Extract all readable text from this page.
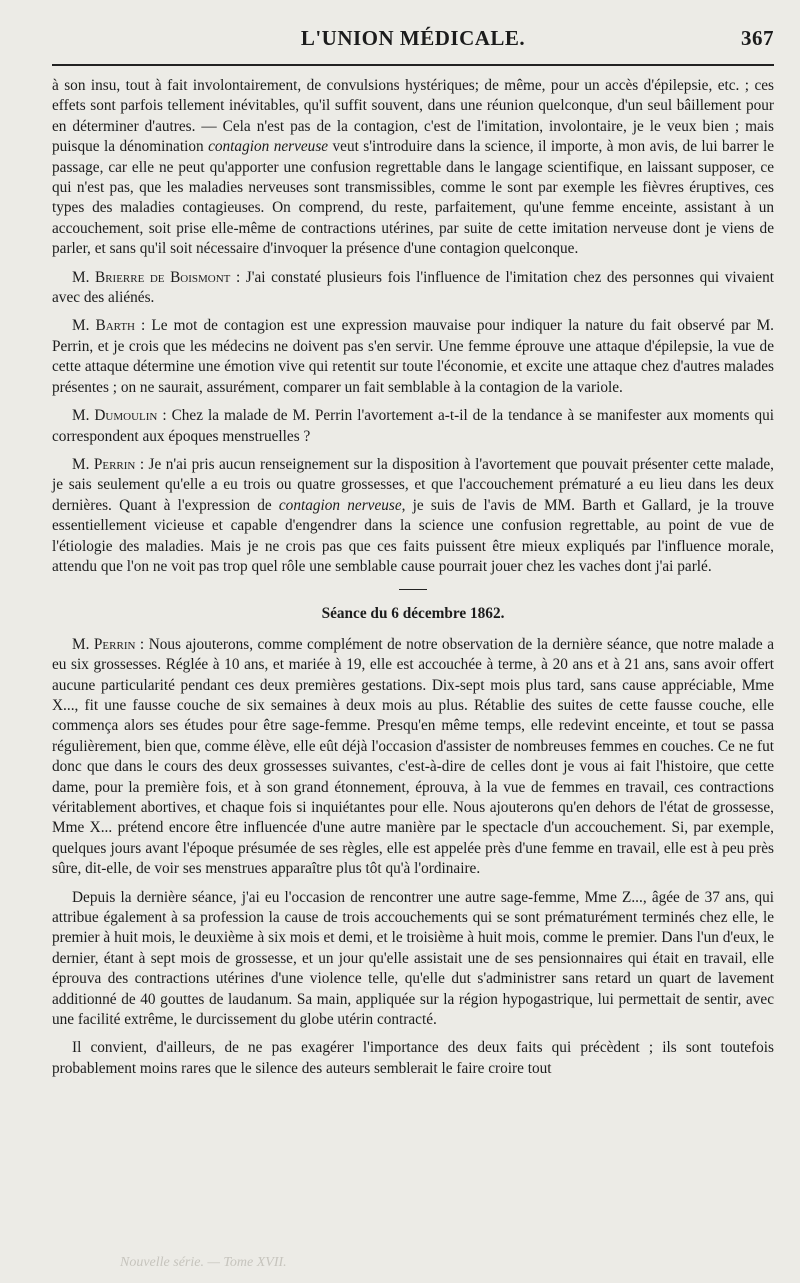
L'UNION MÉDICALE.	367

à son insu, tout à fait involontairement, de convulsions hystériques; de même, pour un accès d'épilepsie, etc. ; ces effets sont parfois tellement inévitables, qu'il suffit souvent, dans une réunion quelconque, d'un seul bâillement pour en déterminer d'autres. — Cela n'est pas de la contagion, c'est de l'imitation, involontaire, je le veux bien ; mais puisque la dénomination contagion nerveuse veut s'introduire dans la science, il importe, à mon avis, de lui barrer le passage, car elle ne peut qu'apporter une confusion regrettable dans le langage scientifique, en laissant supposer, ce qui n'est pas, que les maladies nerveuses sont transmissibles, comme le sont par exemple les fièvres éruptives, ces types des maladies contagieuses. On comprend, du reste, parfaitement, qu'une femme enceinte, assistant à un accouchement, soit prise elle-même de contractions utérines, par suite de cette imitation nerveuse dont je viens de parler, et sans qu'il soit nécessaire d'invoquer la présence d'une contagion quelconque.

M. Brierre de Boismont : J'ai constaté plusieurs fois l'influence de l'imitation chez des personnes qui vivaient avec des aliénés.

M. Barth : Le mot de contagion est une expression mauvaise pour indiquer la nature du fait observé par M. Perrin, et je crois que les médecins ne doivent pas s'en servir. Une femme éprouve une attaque d'épilepsie, la vue de cette attaque détermine une émotion vive qui retentit sur toute l'économie, et excite une attaque chez d'autres malades présentes ; on ne saurait, assurément, comparer un fait semblable à la contagion de la variole.

M. Dumoulin : Chez la malade de M. Perrin l'avortement a-t-il de la tendance à se manifester aux moments qui correspondent aux époques menstruelles ?

M. Perrin : Je n'ai pris aucun renseignement sur la disposition à l'avortement que pouvait présenter cette malade, je sais seulement qu'elle a eu trois ou quatre grossesses, et que l'accouchement prématuré a eu lieu dans les deux dernières. Quant à l'expression de contagion nerveuse, je suis de l'avis de MM. Barth et Gallard, je la trouve essentiellement vicieuse et capable d'engendrer dans la science une confusion regrettable, au point de vue de l'étiologie des maladies. Mais je ne crois pas que ces faits puissent être mieux expliqués par l'influence morale, attendu que l'on ne voit pas trop quel rôle une semblable cause pourrait jouer chez les vaches dont j'ai parlé.

Séance du 6 décembre 1862.

M. Perrin : Nous ajouterons, comme complément de notre observation de la dernière séance, que notre malade a eu six grossesses. Réglée à 10 ans, et mariée à 19, elle est accouchée à terme, à 20 ans et à 21 ans, sans avoir offert aucune particularité pendant ces deux premières gestations. Dix-sept mois plus tard, sans cause appréciable, Mme X..., fit une fausse couche de six semaines à deux mois au plus. Rétablie des suites de cette fausse couche, elle commença alors ses études pour être sage-femme. Presqu'en même temps, elle redevint enceinte, et tout se passa régulièrement, bien que, comme élève, elle eût déjà l'occasion d'assister de nombreuses femmes en couches. Ce ne fut donc que dans le cours des deux grossesses suivantes, c'est-à-dire de celles dont je vous ai fait l'histoire, que cette dame, pour la première fois, et à son grand étonnement, éprouva, à la vue de femmes en travail, ces contractions véritablement abortives, et chaque fois si inquiétantes pour elle. Nous ajouterons qu'en dehors de l'état de grossesse, Mme X... prétend encore être influencée d'une autre manière par le spectacle d'un accouchement. Si, par exemple, quelques jours avant l'époque présumée de ses règles, elle est appelée près d'une femme en travail, elle est à peu près sûre, dit-elle, de voir ses menstrues apparaître plus tôt qu'à l'ordinaire.

Depuis la dernière séance, j'ai eu l'occasion de rencontrer une autre sage-femme, Mme Z..., âgée de 37 ans, qui attribue également à sa profession la cause de trois accouchements qui se sont prématurément terminés chez elle, le premier à huit mois, le deuxième à six mois et demi, et le troisième à huit mois, comme le premier. Dans l'un d'eux, le dernier, étant à sept mois de grossesse, et un jour qu'elle assistait une de ses pensionnaires qui était en travail, elle éprouva des contractions utérines d'une violence telle, qu'elle dut s'administrer sans retard un quart de lavement additionné de 40 gouttes de laudanum. Sa main, appliquée sur la région hypogastrique, lui permettait de sentir, avec une facilité extrême, le durcissement du globe utérin contracté.

Il convient, d'ailleurs, de ne pas exagérer l'importance des deux faits qui précèdent ; ils sont toutefois probablement moins rares que le silence des auteurs semblerait le faire croire tout

Nouvelle série. — Tome XVII.
